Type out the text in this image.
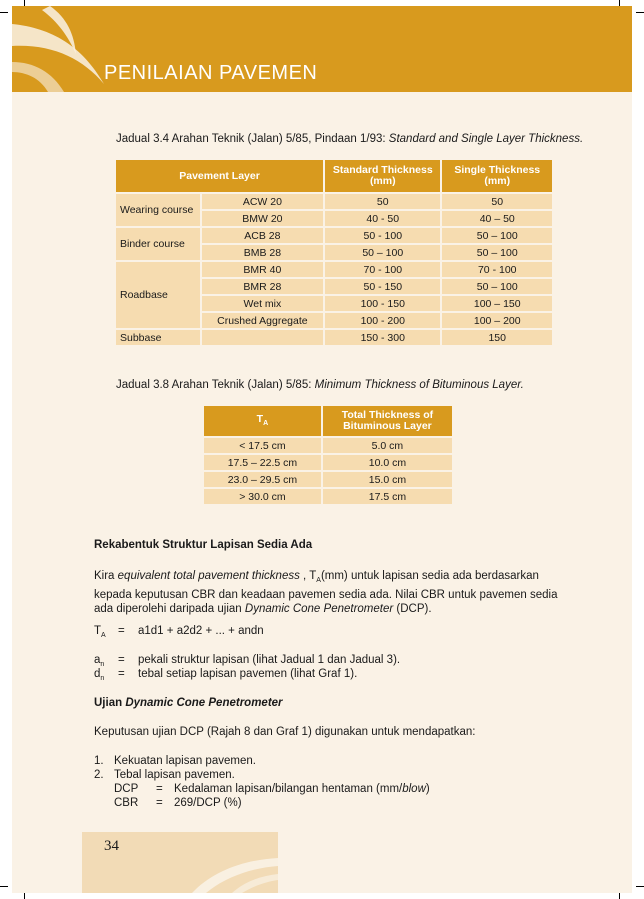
PENILAIAN PAVEMEN
Jadual 3.4 Arahan Teknik (Jalan) 5/85, Pindaan 1/93: Standard and Single Layer Thickness.
Pavement Layer		Standard Thickness (mm)	Single Thickness (mm)
Wearing course	ACW 20	50	50
	BMW 20	40 - 50	40 – 50
Binder course	ACB 28	50 - 100	50 – 100
	BMB 28	50 – 100	50 – 100
Roadbase	BMR 40	70 - 100	70 - 100
	BMR 28	50 - 150	50 – 100
	Wet mix	100 - 150	100 – 150
	Crushed Aggregate	100 - 200	100 – 200
Subbase		150 - 300	150
Jadual 3.8 Arahan Teknik (Jalan) 5/85: Minimum Thickness of Bituminous Layer.
$T_A$	Total Thickness of Bituminous Layer
< 17.5 cm	5.0 cm
17.5 – 22.5 cm	10.0 cm
23.0 – 29.5 cm	15.0 cm
> 30.0 cm	17.5 cm
Rekabentuk Struktur Lapisan Sedia Ada
Kira equivalent total pavement thickness , $T_A(mm)$ untuk lapisan sedia ada berdasarkan
kepada keputusan CBR dan keadaan pavemen sedia ada. Nilai CBR untuk pavemen sedia
ada diperolehi daripada ujian Dynamic Cone Penetrometer (DCP).
$T_A = a1d1 + a2d2$ + ... + andn
$a_n$ = pekali struktur lapisan (lihat Jadual 1 dan Jadual 3).
$d_n$ = tebal setiap lapisan pavemen (lihat Graf 1).
Ujian Dynamic Cone Penetrometer
Keputusan ujian DCP (Rajah 8 dan Graf 1) digunakan untuk mendapatkan:
1. Kekuatan lapisan pavemen.
2. Tebal lapisan pavemen.
DCP = Kedalaman lapisan/bilangan hentaman (mm/blow)
CBR = 269/DCP (%)
34
